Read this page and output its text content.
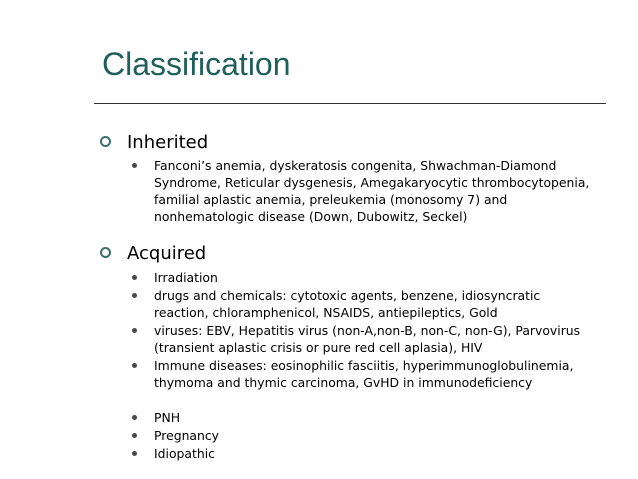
Classification
Inherited
Fanconi’s anemia, dyskeratosis congenita, Shwachman-Diamond Syndrome, Reticular dysgenesis, Amegakaryocytic thrombocytopenia, familial aplastic anemia, preleukemia (monosomy 7) and nonhematologic disease (Down, Dubowitz, Seckel)
Acquired
Irradiation
drugs and chemicals: cytotoxic agents, benzene, idiosyncratic reaction, chloramphenicol, NSAIDS, antiepileptics, Gold
viruses: EBV, Hepatitis virus (non-A,non-B, non-C, non-G), Parvovirus (transient aplastic crisis or pure red cell aplasia), HIV
Immune diseases: eosinophilic fasciitis, hyperimmunoglobulinemia, thymoma and thymic carcinoma, GvHD in immunodeficiency
PNH
Pregnancy
Idiopathic
